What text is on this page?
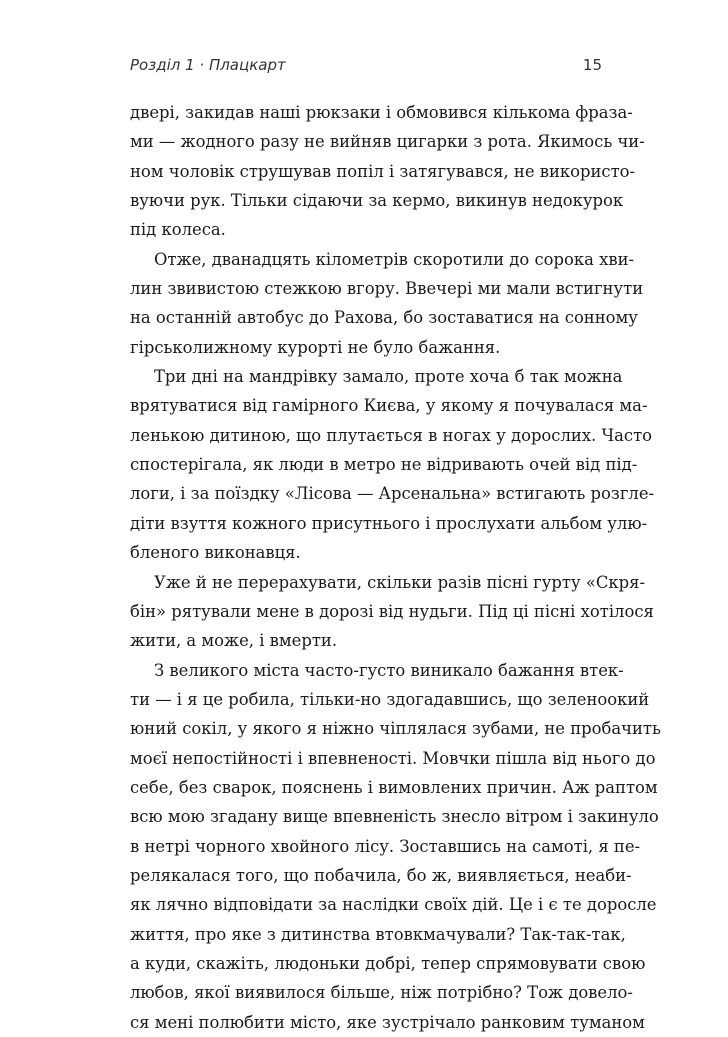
Розділ 1 · Плацкарт	15
двері, закидав наші рюкзаки і обмовився кількома фраза-
ми — жодного разу не вийняв цигарки з рота. Якимось чи-
ном чоловік струшував попіл і затягувався, не використо-
вуючи рук. Тільки сідаючи за кермо, викинув недокурок
під колеса.
Отже, дванадцять кілометрів скоротили до сорока хви-
лин звивистою стежкою вгору. Ввечері ми мали встигнути
на останній автобус до Рахова, бо зоставатися на сонному
гірськолижному курорті не було бажання.
Три дні на мандрівку замало, проте хоча б так можна
врятуватися від гамірного Києва, у якому я почувалася ма-
ленькою дитиною, що плутається в ногах у дорослих. Часто
спостерігала, як люди в метро не відривають очей від під-
логи, і за поїздку «Лісова — Арсенальна» встигають розгле-
діти взуття кожного присутнього і прослухати альбом улю-
бленого виконавця.
Уже й не перерахувати, скільки разів пісні гурту «Скря-
бін» рятували мене в дорозі від нудьги. Під ці пісні хотілося
жити, а може, і вмерти.
З великого міста часто-густо виникало бажання втек-
ти — і я це робила, тільки-но здогадавшись, що зеленоокий
юний сокіл, у якого я ніжно чіплялася зубами, не пробачить
моєї непостійності і впевненості. Мовчки пішла від нього до
себе, без сварок, пояснень і вимовлених причин. Аж раптом
всю мою згадану вище впевненість знесло вітром і закинуло
в нетрі чорного хвойного лісу. Зоставшись на самоті, я пе-
релякалася того, що побачила, бо ж, виявляється, неаби-
як лячно відповідати за наслідки своїх дій. Це і є те доросле
життя, про яке з дитинства втовкмачували? Так-так-так,
а куди, скажіть, людоньки добрі, тепер спрямовувати свою
любов, якої виявилося більше, ніж потрібно? Тож довело-
ся мені полюбити місто, яке зустрічало ранковим туманом
